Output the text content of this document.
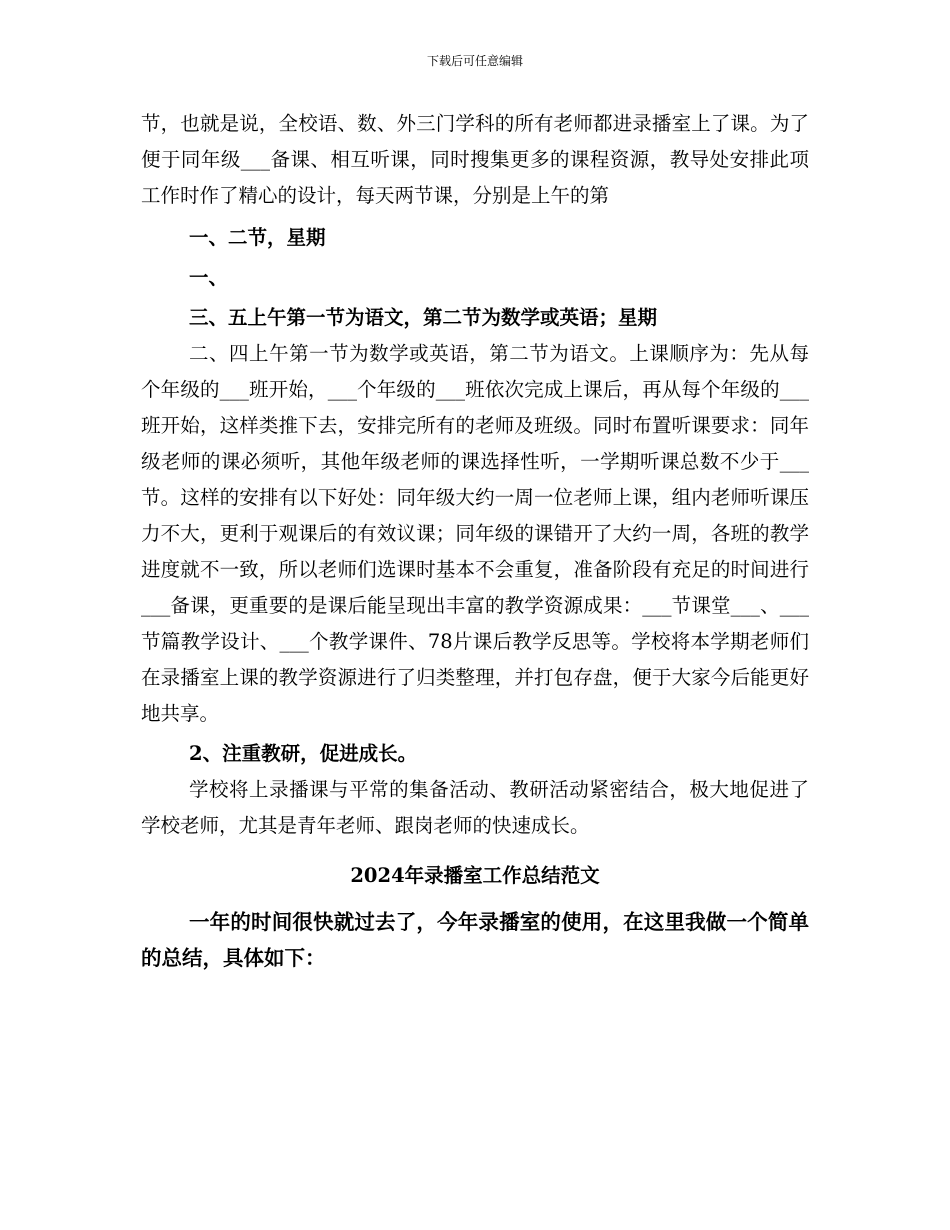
下载后可任意编辑

节，也就是说，全校语、数、外三门学科的所有老师都进录播室上了课。为了便于同年级___备课、相互听课，同时搜集更多的课程资源，教导处安排此项工作时作了精心的设计，每天两节课，分别是上午的第

一、二节，星期

一、

三、五上午第一节为语文，第二节为数学或英语；星期

二、四上午第一节为数学或英语，第二节为语文。上课顺序为：先从每个年级的___班开始，___个年级的___班依次完成上课后，再从每个年级的___班开始，这样类推下去，安排完所有的老师及班级。同时布置听课要求：同年级老师的课必须听，其他年级老师的课选择性听，一学期听课总数不少于___节。这样的安排有以下好处：同年级大约一周一位老师上课，组内老师听课压力不大，更利于观课后的有效议课；同年级的课错开了大约一周，各班的教学进度就不一致，所以老师们选课时基本不会重复，准备阶段有充足的时间进行___备课，更重要的是课后能呈现出丰富的教学资源成果：___节课堂___、___节篇教学设计、___个教学课件、78片课后教学反思等。学校将本学期老师们在录播室上课的教学资源进行了归类整理，并打包存盘，便于大家今后能更好地共享。

2、注重教研，促进成长。

学校将上录播课与平常的集备活动、教研活动紧密结合，极大地促进了学校老师，尤其是青年老师、跟岗老师的快速成长。

2024年录播室工作总结范文

一年的时间很快就过去了，今年录播室的使用，在这里我做一个简单的总结，具体如下：
